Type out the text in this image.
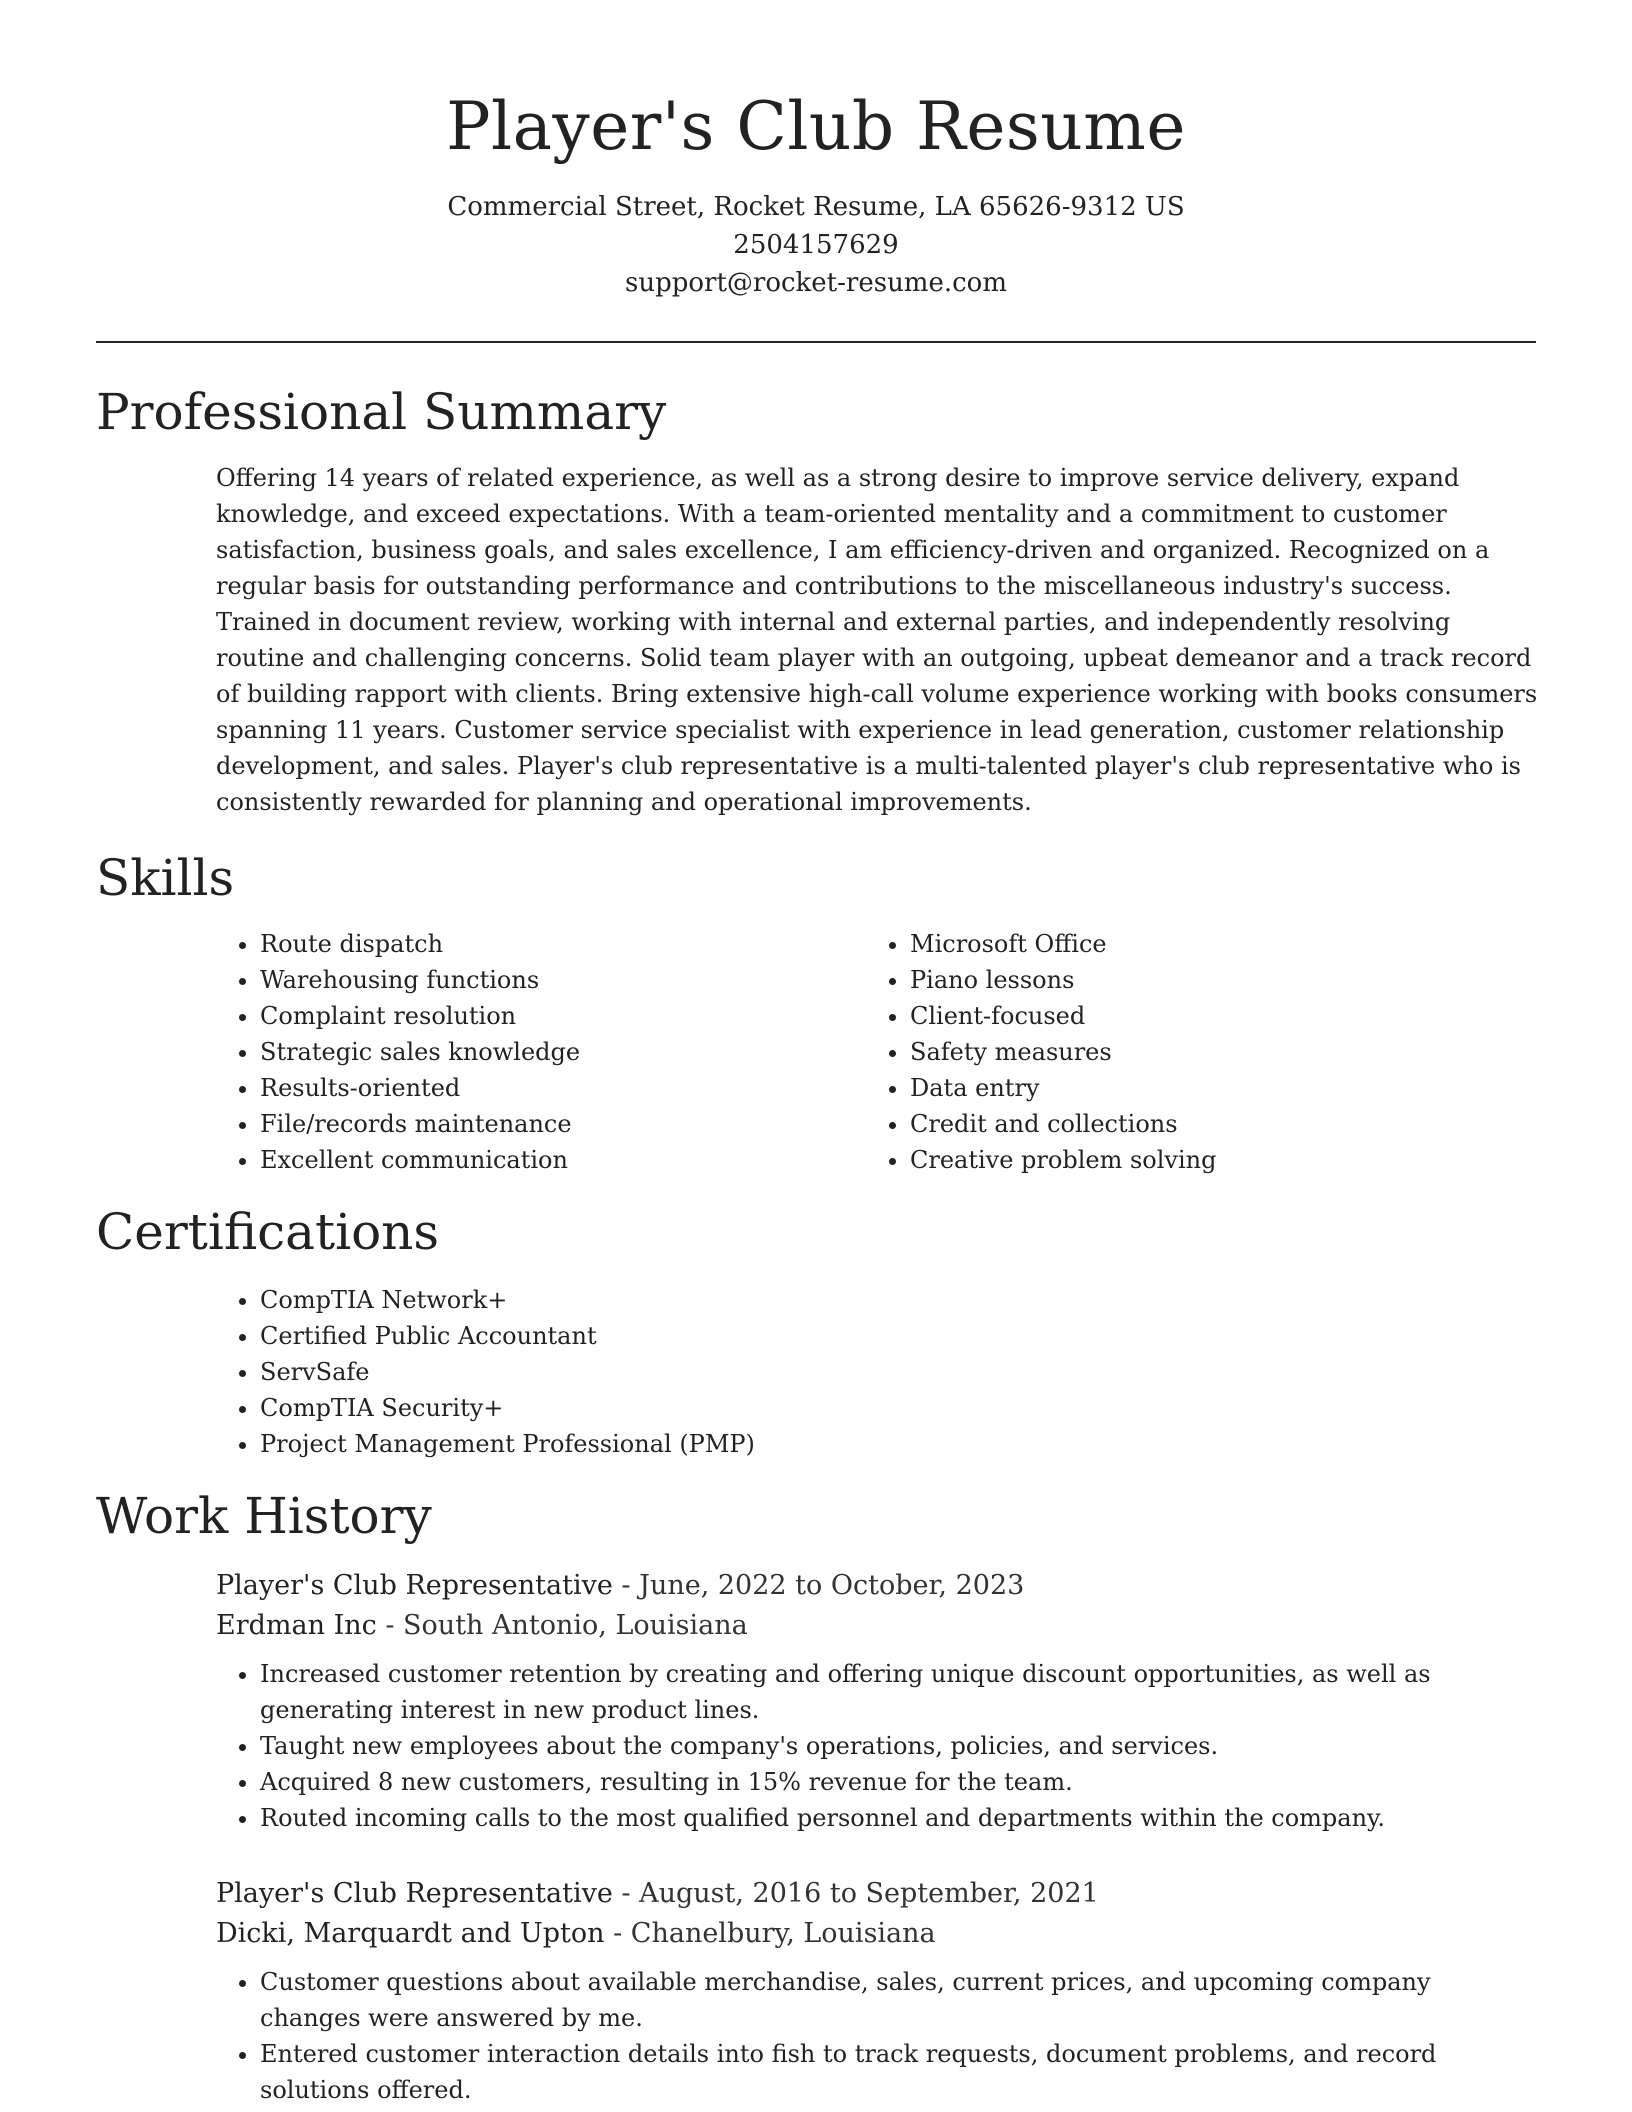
Player's Club Resume
Commercial Street, Rocket Resume, LA 65626-9312 US
2504157629
support@rocket-resume.com
Professional Summary
Offering 14 years of related experience, as well as a strong desire to improve service delivery, expand knowledge, and exceed expectations. With a team-oriented mentality and a commitment to customer satisfaction, business goals, and sales excellence, I am efficiency-driven and organized. Recognized on a regular basis for outstanding performance and contributions to the miscellaneous industry's success. Trained in document review, working with internal and external parties, and independently resolving routine and challenging concerns. Solid team player with an outgoing, upbeat demeanor and a track record of building rapport with clients. Bring extensive high-call volume experience working with books consumers spanning 11 years. Customer service specialist with experience in lead generation, customer relationship development, and sales. Player's club representative is a multi-talented player's club representative who is consistently rewarded for planning and operational improvements.
Skills
• Route dispatch
• Warehousing functions
• Complaint resolution
• Strategic sales knowledge
• Results-oriented
• File/records maintenance
• Excellent communication
• Microsoft Office
• Piano lessons
• Client-focused
• Safety measures
• Data entry
• Credit and collections
• Creative problem solving
Certifications
• CompTIA Network+
• Certified Public Accountant
• ServSafe
• CompTIA Security+
• Project Management Professional (PMP)
Work History
Player's Club Representative - June, 2022 to October, 2023
Erdman Inc - South Antonio, Louisiana
• Increased customer retention by creating and offering unique discount opportunities, as well as generating interest in new product lines.
• Taught new employees about the company's operations, policies, and services.
• Acquired 8 new customers, resulting in 15% revenue for the team.
• Routed incoming calls to the most qualified personnel and departments within the company.
Player's Club Representative - August, 2016 to September, 2021
Dicki, Marquardt and Upton - Chanelbury, Louisiana
• Customer questions about available merchandise, sales, current prices, and upcoming company changes were answered by me.
• Entered customer interaction details into fish to track requests, document problems, and record solutions offered.
